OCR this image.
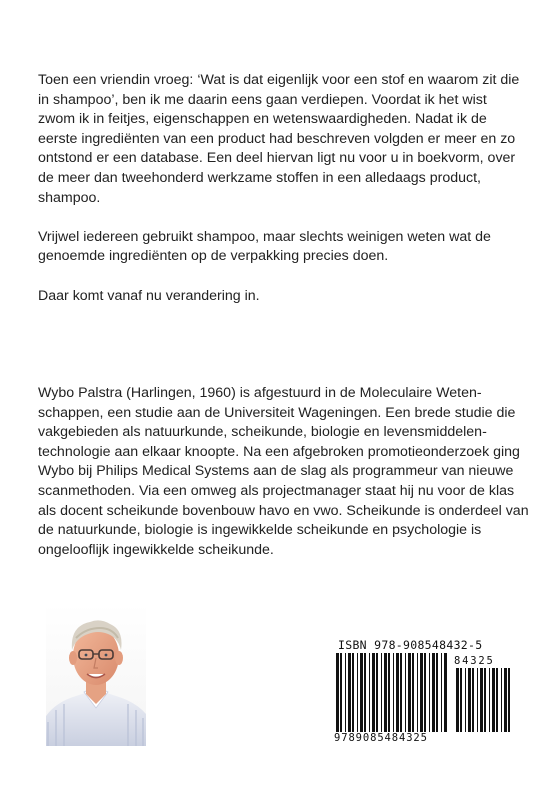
Toen een vriendin vroeg: ‘Wat is dat eigenlijk voor een stof en waarom zit die in shampoo’, ben ik me daarin eens gaan verdiepen. Voordat ik het wist zwom ik in feitjes, eigenschappen en wetenswaardigheden. Nadat ik de eerste ingrediënten van een product had beschreven volgden er meer en zo ontstond er een database. Een deel hiervan ligt nu voor u in boekvorm, over de meer dan tweehonderd werkzame stoffen in een alledaags product, shampoo.

Vrijwel iedereen gebruikt shampoo, maar slechts weinigen weten wat de genoemde ingrediënten op de verpakking precies doen.

Daar komt vanaf nu verandering in.

Wybo Palstra (Harlingen, 1960) is afgestuurd in de Moleculaire Weten-schappen, een studie aan de Universiteit Wageningen. Een brede studie die vakgebieden als natuurkunde, scheikunde, biologie en levensmiddelen-technologie aan elkaar knoopte. Na een afgebroken promotieonderzoek ging Wybo bij Philips Medical Systems aan de slag als programmeur van nieuwe scanmethoden. Via een omweg als projectmanager staat hij nu voor de klas als docent scheikunde bovenbouw havo en vwo. Scheikunde is onderdeel van de natuurkunde, biologie is ingewikkelde scheikunde en psychologie is ongelooflijk ingewikkelde scheikunde.

ISBN 978-908548432-5
84325
9789085484325
